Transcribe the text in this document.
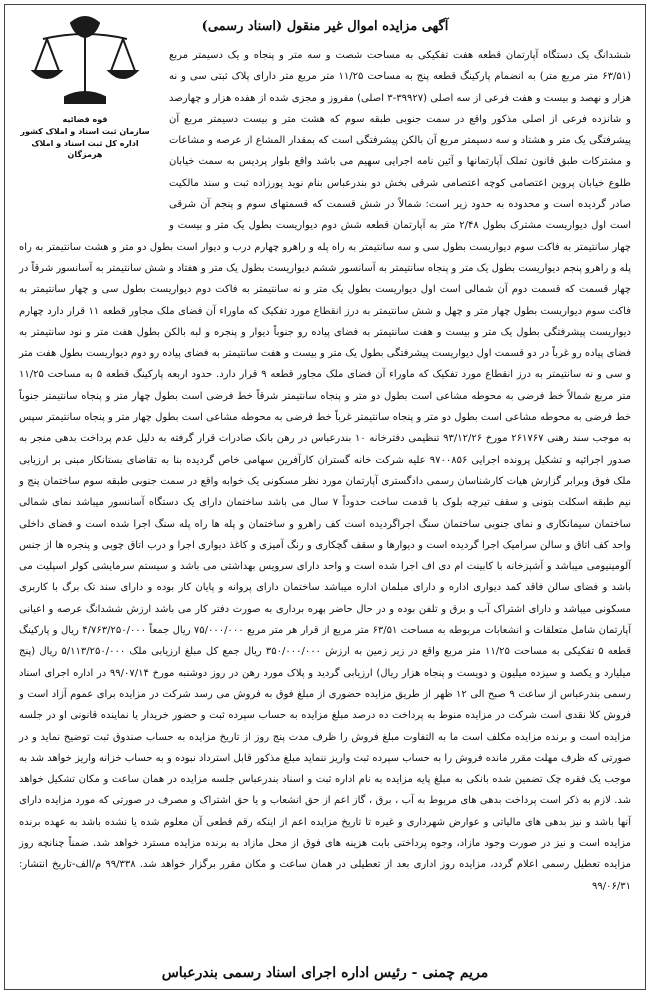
قوه قضائیه
سازمان ثبت اسناد و املاک کشور
اداره کل ثبت اسناد و املاک هرمزگان
آگهی مزایده اموال غیر منقول (اسناد رسمی)
ششدانگ یک دستگاه آپارتمان قطعه هفت تفکیکی به مساحت شصت و سه متر و پنجاه و یک دسیمتر مربع (۶۳/۵۱ متر مربع متر) به انضمام پارکینگ قطعه پنج به مساحت ۱۱/۲۵ متر مربع متر دارای پلاک ثبتی سی و نه هزار و نهصد و بیست و هفت فرعی از سه اصلی (۳۹۹۲۷-۳ اصلی) مفروز و مجزی شده از هفده هزار و چهارصد و شانزده فرعی از اصلی مذکور واقع در سمت جنوبی طبقه سوم که هشت متر و بیست دسیمتر مربع آن پیشرفتگی یک متر و هشتاد و سه دسیمتر مربع آن بالکن پیشرفتگی است که بمقدار المشاع از عرصه و مشاعات و مشترکات طبق قانون تملک آپارتمانها و آئین نامه اجرایی سهیم می باشد واقع بلوار پردیس به سمت خیابان طلوع خیابان پروین اعتصامی کوچه اعتصامی شرقی بخش دو بندرعباس بنام نوید پورزاده ثبت و سند مالکیت صادر گردیده است و محدوده به حدود زیر است: شمالاً در شش قسمت که قسمتهای سوم و پنجم آن شرقی است اول دیواریست مشترک بطول ۲/۴۸ متر به آپارتمان قطعه شش دوم دیواریست بطول یک متر و بیست و چهار سانتیمتر به فاکت سوم دیواریست بطول سی و سه سانتیمتر به راه پله و راهرو چهارم درب و دیوار است بطول دو متر و هشت سانتیمتر به راه پله و راهرو پنجم دیواریست بطول یک متر و پنجاه سانتیمتر به آسانسور ششم دیواریست بطول یک متر و هفتاد و شش سانتیمتر به آسانسور شرقاً در چهار قسمت که قسمت دوم آن شمالی است اول دیواریست بطول یک متر و نه سانتیمتر به فاکت دوم دیواریست بطول سی و چهار سانتیمتر به فاکت سوم دیواریست بطول چهار متر و چهل و شش سانتیمتر به درز انقطاع مورد تفکیک که ماوراء آن فضای ملک مجاور قطعه ۱۱ قرار دارد چهارم دیواریست پیشرفتگی بطول یک متر و بیست و هفت سانتیمتر به فضای پیاده رو جنوباً دیوار و پنجره و لبه بالکن بطول هفت متر و نود سانتیمتر به فضای پیاده رو غرباً در دو قسمت اول دیواریست پیشرفتگی بطول یک متر و بیست و هفت سانتیمتر به فضای پیاده رو دوم دیواریست بطول هفت متر و سی و نه سانتیمتر به درز انقطاع مورد تفکیک که ماوراء آن فضای ملک مجاور قطعه ۹ قرار دارد. حدود اربعه پارکینگ قطعه ۵ به مساحت ۱۱/۲۵ متر مربع شمالاً خط فرضی به محوطه مشاعی است بطول دو متر و پنجاه سانتیمتر شرقاً خط فرضی است بطول چهار متر و پنجاه سانتیمتر جنوباً خط فرضی به محوطه مشاعی است بطول دو متر و پنجاه سانتیمتر غرباً خط فرضی به محوطه مشاعی است بطول چهار متر و پنجاه سانتیمتر سپس به موجب سند رهنی ۲۶۱۷۶۷ مورخ ۹۳/۱۲/۲۶ تنظیمی دفترخانه ۱۰ بندرعباس در رهن بانک صادرات قرار گرفته به دلیل عدم پرداخت بدهی منجر به صدور اجرائیه و تشکیل پرونده اجرایی ۹۷۰۰۸۵۶ علیه شرکت خانه گستران کارآفرین سهامی خاص گردیده بنا به تقاضای بستانکار مبنی بر ارزیابی ملک فوق وبرابر گزارش هیات کارشناسان رسمی دادگستری آپارتمان مورد نظر مسکونی یک خوابه واقع در سمت جنوبی طبقه سوم ساختمان پنج و نیم طبقه اسکلت بتونی و سقف تیرچه بلوک با قدمت ساخت حدوداً ۷ سال می باشد ساختمان دارای یک دستگاه آسانسور میباشد نمای شمالی ساختمان سیمانکاری و نمای جنوبی ساختمان سنگ اجراگردیده است کف راهرو و ساختمان و پله ها راه پله سنگ اجرا شده است و فضای داخلی واحد کف اتاق و سالن سرامیک اجرا گردیده است و دیوارها و سقف گچکاری و رنگ آمیزی و کاغذ دیواری اجرا و درب اتاق چوبی و پنجره ها از جنس آلومینیومی میباشد و آشپزخانه با کابینت ام دی اف اجرا شده است و واحد دارای سرویس بهداشتی می باشد و سیستم سرمایشی کولر اسپلیت می باشد و فضای سالن فاقد کمد دیواری اداره و دارای مبلمان اداره میباشد ساختمان دارای پروانه و پایان کار بوده و دارای سند تک برگ با کاربری مسکونی میباشد و دارای اشتراک آب و برق و تلفن بوده و در حال حاضر بهره برداری به صورت دفتر کار می باشد ارزش ششدانگ عرصه و اعیانی آپارتمان شامل متعلقات و انشعابات مربوطه به مساحت ۶۳/۵۱ متر مربع از قرار هر متر مربع ۷۵/۰۰۰/۰۰۰ ریال جمعاً ۴/۷۶۳/۲۵۰/۰۰۰ ریال و پارکینگ قطعه ۵ تفکیکی به مساحت ۱۱/۲۵ متر مربع واقع در زیر زمین به ارزش ۳۵۰/۰۰۰/۰۰۰ ریال جمع کل مبلغ ارزیابی ملک ۵/۱۱۳/۲۵۰/۰۰۰ ریال (پنج میلیارد و یکصد و سیزده میلیون و دویست و پنجاه هزار ریال) ارزیابی گردید و پلاک مورد رهن در روز دوشنبه مورخ ۹۹/۰۷/۱۴ در اداره اجرای اسناد رسمی بندرعباس از ساعت ۹ صبح الی ۱۲ ظهر از طریق مزایده حضوری از مبلغ فوق به فروش می رسد شرکت در مزایده برای عموم آزاد است و فروش کلا نقدی است شرکت در مزایده منوط به پرداخت ده درصد مبلغ مزایده به حساب سپرده ثبت و حضور خریدار یا نماینده قانونی او در جلسه مزایده است و برنده مزایده مکلف است ما به التفاوت مبلغ فروش را ظرف مدت پنج روز از تاریخ مزایده به حساب صندوق ثبت توضیح نماید و در صورتی که ظرف مهلت مقرر مانده فروش را به حساب سپرده ثبت واریز ننماید مبلغ مذکور قابل استرداد نبوده و به حساب خزانه واریز خواهد شد به موجب یک فقره چک تضمین شده بانکی به مبلغ پایه مزایده به نام اداره ثبت و اسناد بندرعباس جلسه مزایده در همان ساعت و مکان تشکیل خواهد شد. لازم به ذکر است پرداخت بدهی های مربوط به آب ، برق ، گاز اعم از حق انشعاب و یا حق اشتراک و مصرف در صورتی که مورد مزایده دارای آنها باشد و نیز بدهی های مالیاتی و عوارض شهرداری و غیره تا تاریخ مزایده اعم از اینکه رقم قطعی آن معلوم شده یا نشده باشد به عهده برنده مزایده است و نیز در صورت وجود مازاد، وجوه پرداختی بابت هزینه های فوق از محل مازاد به برنده مزایده مسترد خواهد شد. ضمناً چنانچه روز مزایده تعطیل رسمی اعلام گردد، مزایده روز اداری بعد از تعطیلی در همان ساعت و مکان مقرر برگزار خواهد شد. ۹۹/۳۳۸ م/الف-تاریخ انتشار: ۹۹/۰۶/۳۱
مریم چمنی - رئیس اداره اجرای اسناد رسمی بندرعباس
